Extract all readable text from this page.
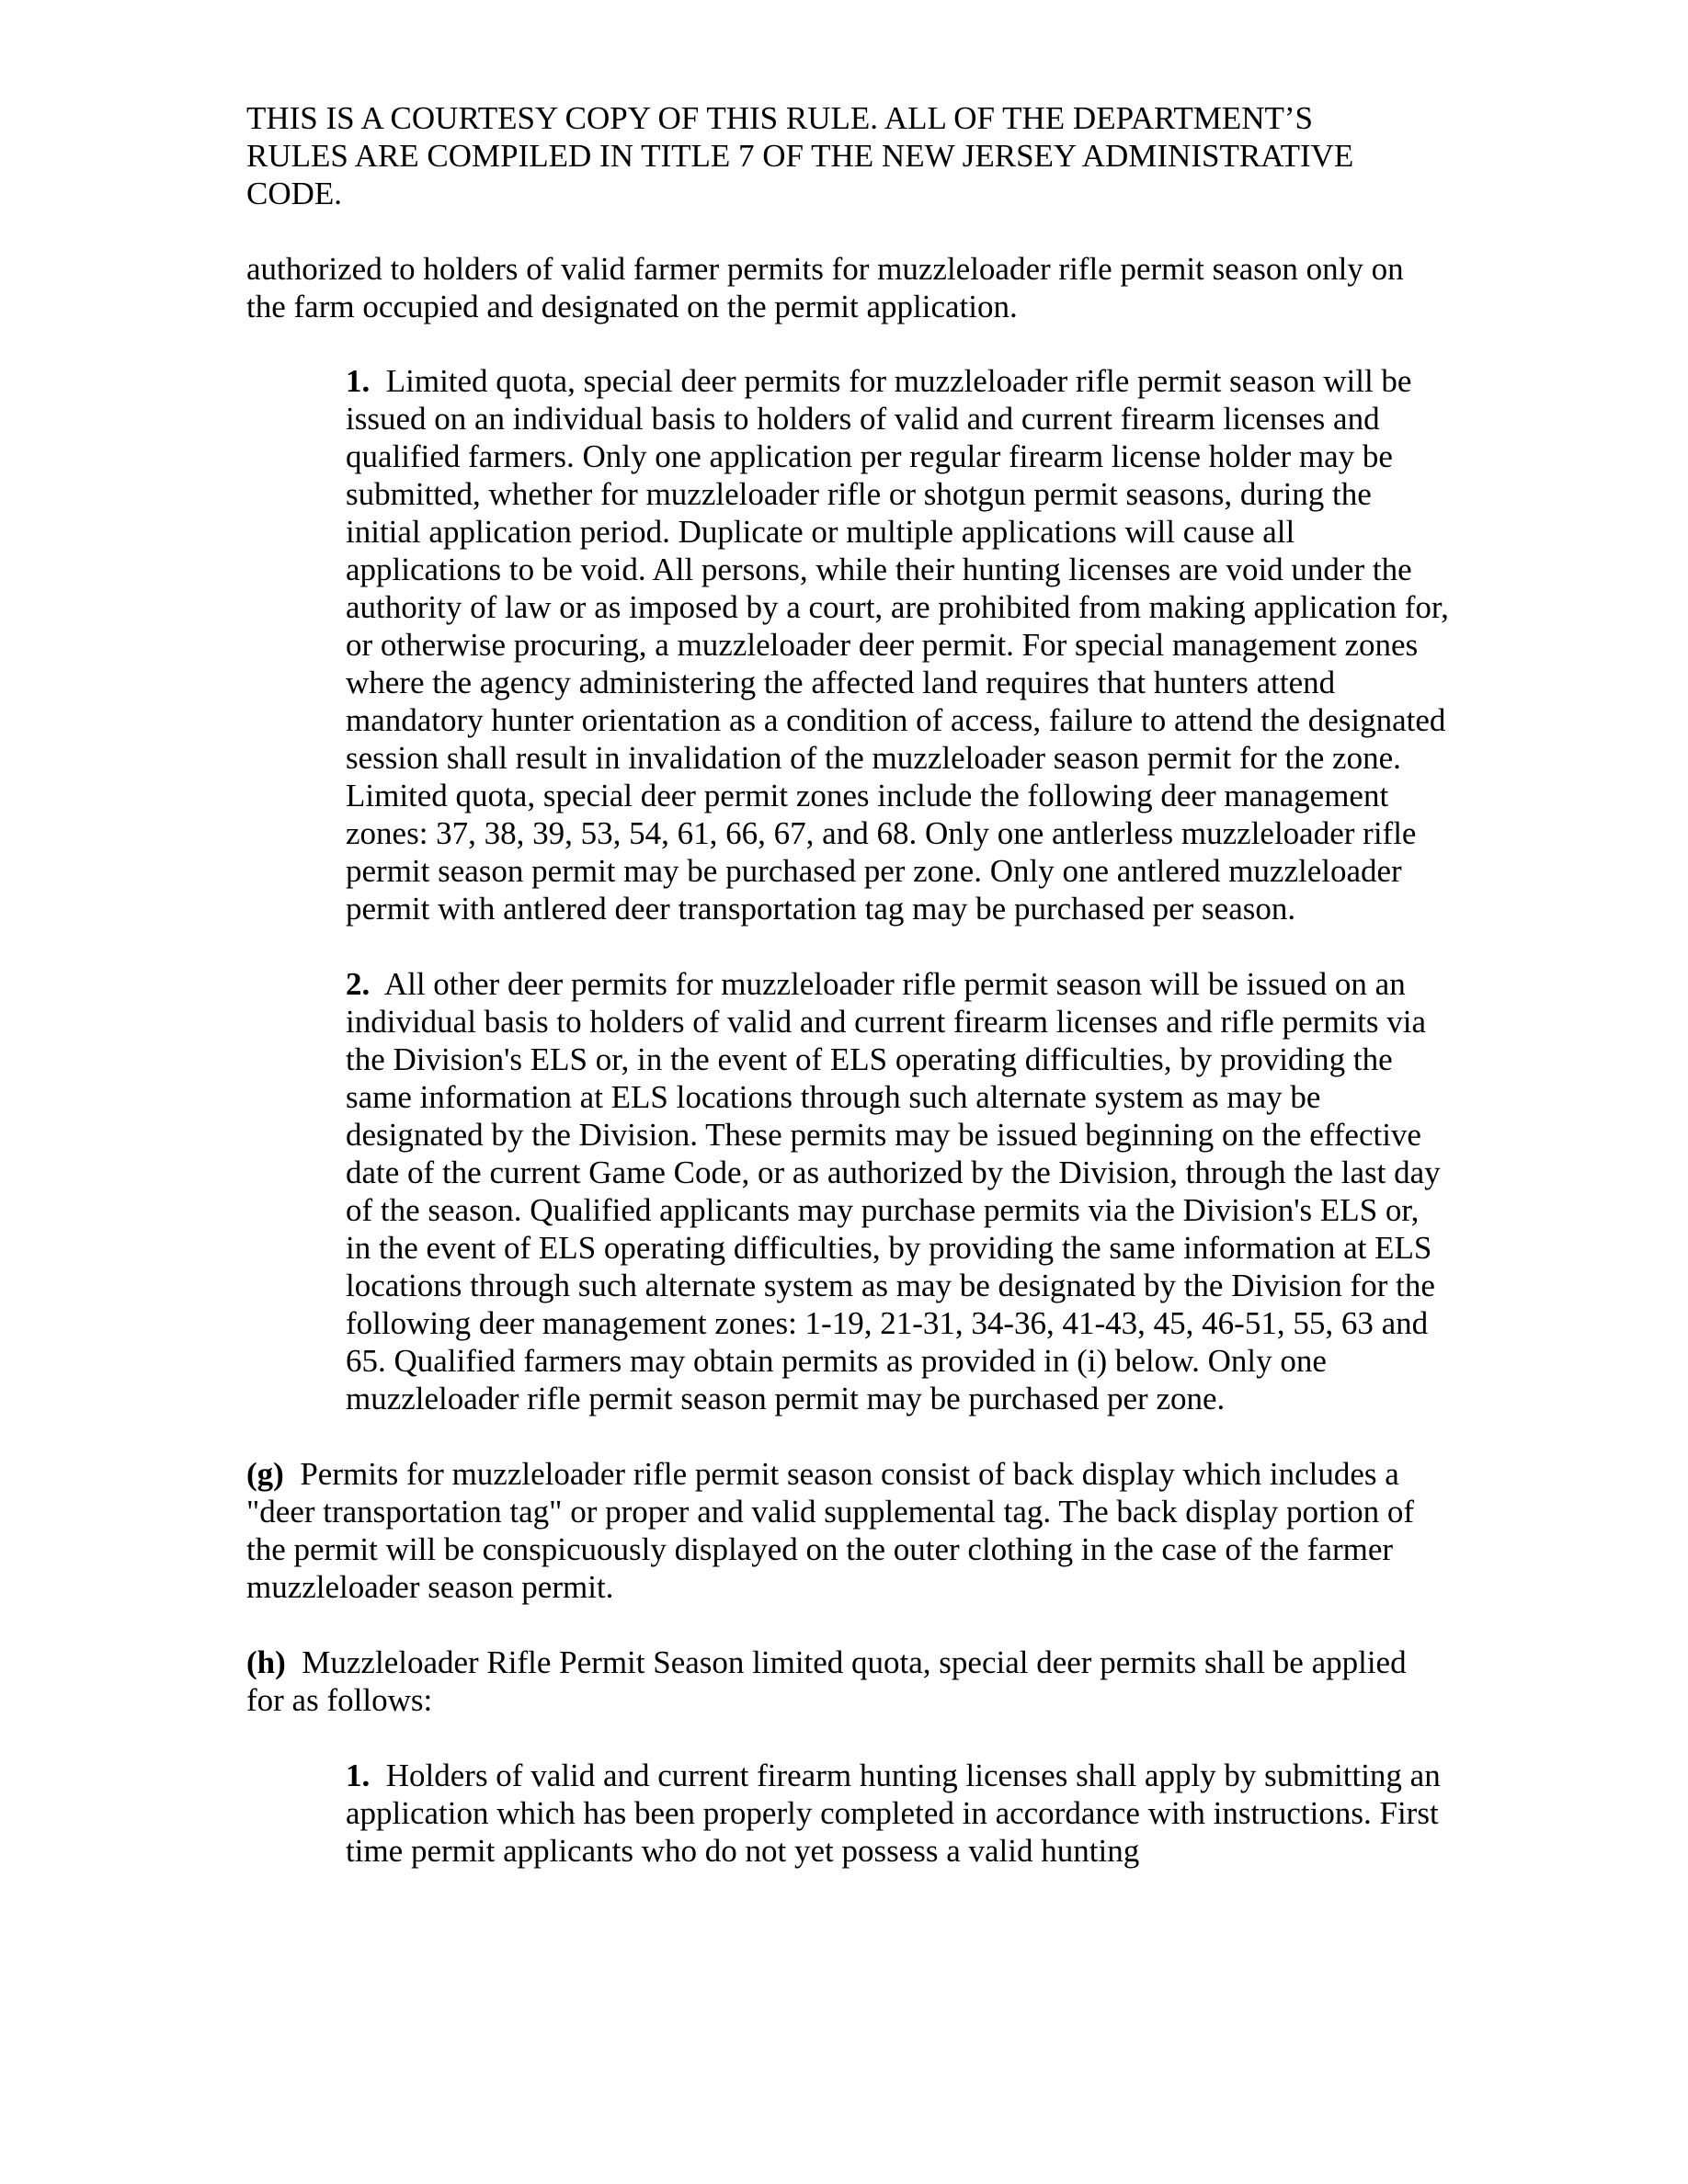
THIS IS A COURTESY COPY OF THIS RULE. ALL OF THE DEPARTMENT’S RULES ARE COMPILED IN TITLE 7 OF THE NEW JERSEY ADMINISTRATIVE CODE.

authorized to holders of valid farmer permits for muzzleloader rifle permit season only on the farm occupied and designated on the permit application.

1. Limited quota, special deer permits for muzzleloader rifle permit season will be issued on an individual basis to holders of valid and current firearm licenses and qualified farmers. Only one application per regular firearm license holder may be submitted, whether for muzzleloader rifle or shotgun permit seasons, during the initial application period. Duplicate or multiple applications will cause all applications to be void. All persons, while their hunting licenses are void under the authority of law or as imposed by a court, are prohibited from making application for, or otherwise procuring, a muzzleloader deer permit. For special management zones where the agency administering the affected land requires that hunters attend mandatory hunter orientation as a condition of access, failure to attend the designated session shall result in invalidation of the muzzleloader season permit for the zone. Limited quota, special deer permit zones include the following deer management zones: 37, 38, 39, 53, 54, 61, 66, 67, and 68. Only one antlerless muzzleloader rifle permit season permit may be purchased per zone. Only one antlered muzzleloader permit with antlered deer transportation tag may be purchased per season.

2. All other deer permits for muzzleloader rifle permit season will be issued on an individual basis to holders of valid and current firearm licenses and rifle permits via the Division's ELS or, in the event of ELS operating difficulties, by providing the same information at ELS locations through such alternate system as may be designated by the Division. These permits may be issued beginning on the effective date of the current Game Code, or as authorized by the Division, through the last day of the season. Qualified applicants may purchase permits via the Division's ELS or, in the event of ELS operating difficulties, by providing the same information at ELS locations through such alternate system as may be designated by the Division for the following deer management zones: 1-19, 21-31, 34-36, 41-43, 45, 46-51, 55, 63 and 65. Qualified farmers may obtain permits as provided in (i) below. Only one muzzleloader rifle permit season permit may be purchased per zone.

(g) Permits for muzzleloader rifle permit season consist of back display which includes a "deer transportation tag" or proper and valid supplemental tag. The back display portion of the permit will be conspicuously displayed on the outer clothing in the case of the farmer muzzleloader season permit.

(h) Muzzleloader Rifle Permit Season limited quota, special deer permits shall be applied for as follows:

1. Holders of valid and current firearm hunting licenses shall apply by submitting an application which has been properly completed in accordance with instructions. First time permit applicants who do not yet possess a valid hunting
